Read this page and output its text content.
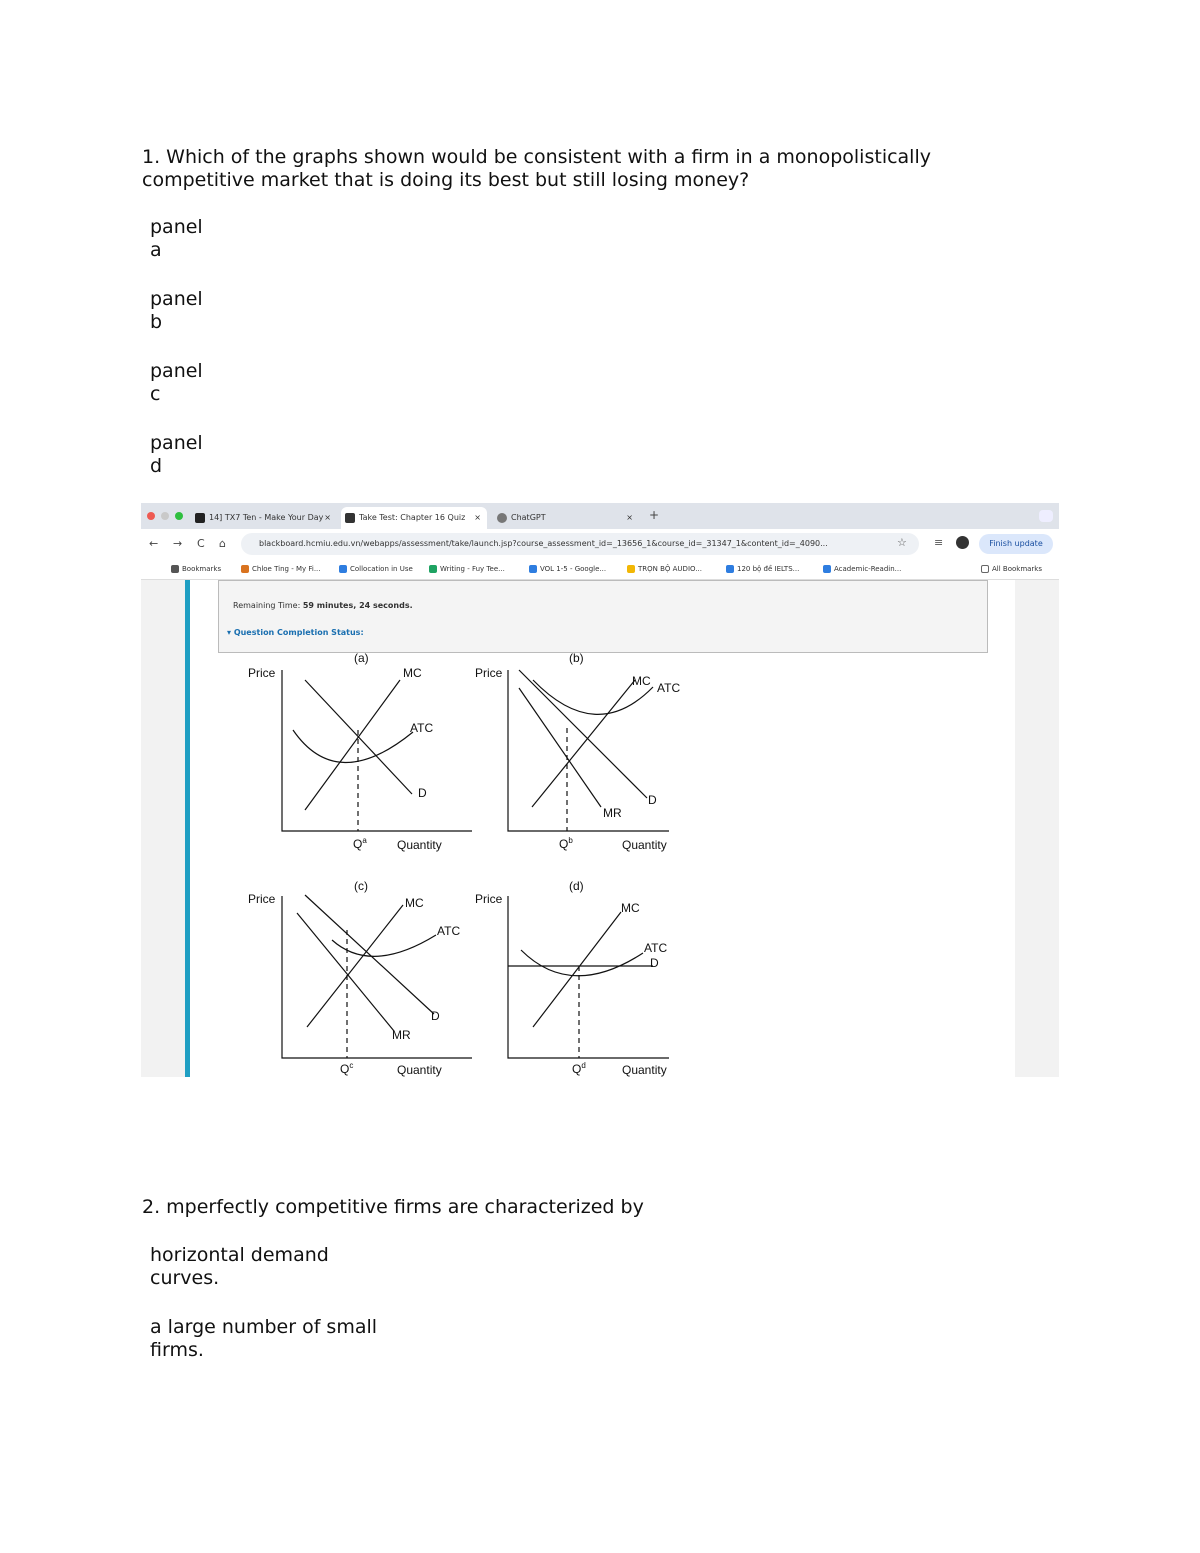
1. Which of the graphs shown would be consistent with a firm in a monopolistically
competitive market that is doing its best but still losing money?
panel
a
panel
b
panel
c
panel
d
14] TX7 Ten - Make Your Day ×	Take Test: Chapter 16 Quiz ×	ChatGPT	× +
← → C ⌂	blackboard.hcmiu.edu.vn/webapps/assessment/take/launch.jsp?course_assessment_id=_13656_1&course_id=_31347_1&content_id=_4090...	☆ ≡	Finish update
Bookmarks	Chloe Ting - My Fi...	Collocation in Use	Writing - Fuy Tee...	VOL 1-5 - Google...	TRỌN BỘ AUDIO...	120 bộ đề IELTS...	Academic-Readin...	All Bookmarks
Remaining Time: 59 minutes, 24 seconds.
▾ Question Completion Status:
(a)
Price	MC
ATC
D
$Q^a$	Quantity
(b)
Price
MC ATC
D
MR
$Q^b$	Quantity
(c)
Price	MC
ATC
D
MR
$Q^c$	Quantity
(d)
Price
MC
ATC
D
$Q^d$	Quantity
2. mperfectly competitive firms are characterized by
horizontal demand
curves.
a large number of small
firms.
